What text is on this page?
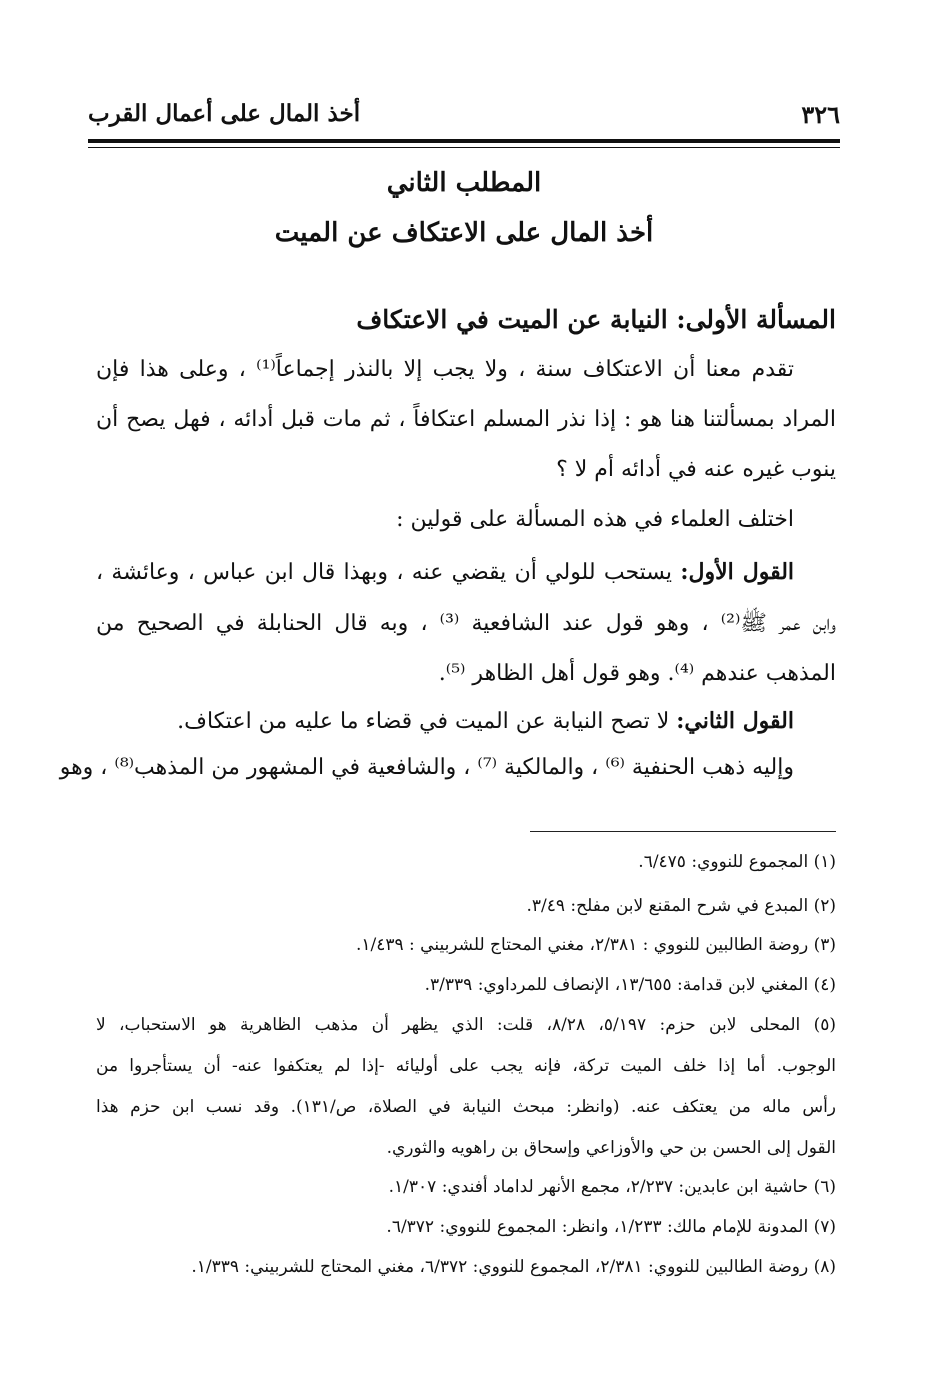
٣٢٦
أخذ المال على أعمال القرب
المطلب الثاني
أخذ المال على الاعتكاف عن الميت
المسألة الأولى: النيابة عن الميت في الاعتكاف
تقدم معنا أن الاعتكاف سنة ، ولا يجب إلا بالنذر إجماعاً⁽¹⁾ ، وعلى هذا فإن
المراد بمسألتنا هنا هو : إذا نذر المسلم اعتكافاً ، ثم مات قبل أدائه ، فهل يصح أن
ينوب غيره عنه في أدائه أم لا ؟
اختلف العلماء في هذه المسألة على قولين :
القول الأول: يستحب للولي أن يقضي عنه ، وبهذا قال ابن عباس ، وعائشة ،
وابن عمر ﷺ⁽²⁾ ، وهو قول عند الشافعية ⁽³⁾ ، وبه قال الحنابلة في الصحيح من
المذهب عندهم ⁽⁴⁾. وهو قول أهل الظاهر ⁽⁵⁾.
القول الثاني: لا تصح النيابة عن الميت في قضاء ما عليه من اعتكاف.
وإليه ذهب الحنفية ⁽⁶⁾ ، والمالكية ⁽⁷⁾ ، والشافعية في المشهور من المذهب⁽⁸⁾ ، وهو
(١) المجموع للنووي: ٦/٤٧٥.
(٢) المبدع في شرح المقنع لابن مفلح: ٣/٤٩.
(٣) روضة الطالبين للنووي : ٢/٣٨١، مغني المحتاج للشربيني : ١/٤٣٩.
(٤) المغني لابن قدامة: ١٣/٦٥٥، الإنصاف للمرداوي: ٣/٣٣٩.
(٥) المحلى لابن حزم: ٥/١٩٧، ٨/٢٨، قلت: الذي يظهر أن مذهب الظاهرية هو الاستحباب، لا
الوجوب. أما إذا خلف الميت تركة، فإنه يجب على أوليائه -إذا لم يعتكفوا عنه- أن يستأجروا من
رأس ماله من يعتكف عنه. (وانظر: مبحث النيابة في الصلاة، ص/١٣١). وقد نسب ابن حزم هذا
القول إلى الحسن بن حي والأوزاعي وإسحاق بن راهويه والثوري.
(٦) حاشية ابن عابدين: ٢/٢٣٧، مجمع الأنهر لداماد أفندي: ١/٣٠٧.
(٧) المدونة للإمام مالك: ١/٢٣٣، وانظر: المجموع للنووي: ٦/٣٧٢.
(٨) روضة الطالبين للنووي: ٢/٣٨١، المجموع للنووي: ٦/٣٧٢، مغني المحتاج للشربيني: ١/٣٣٩.
